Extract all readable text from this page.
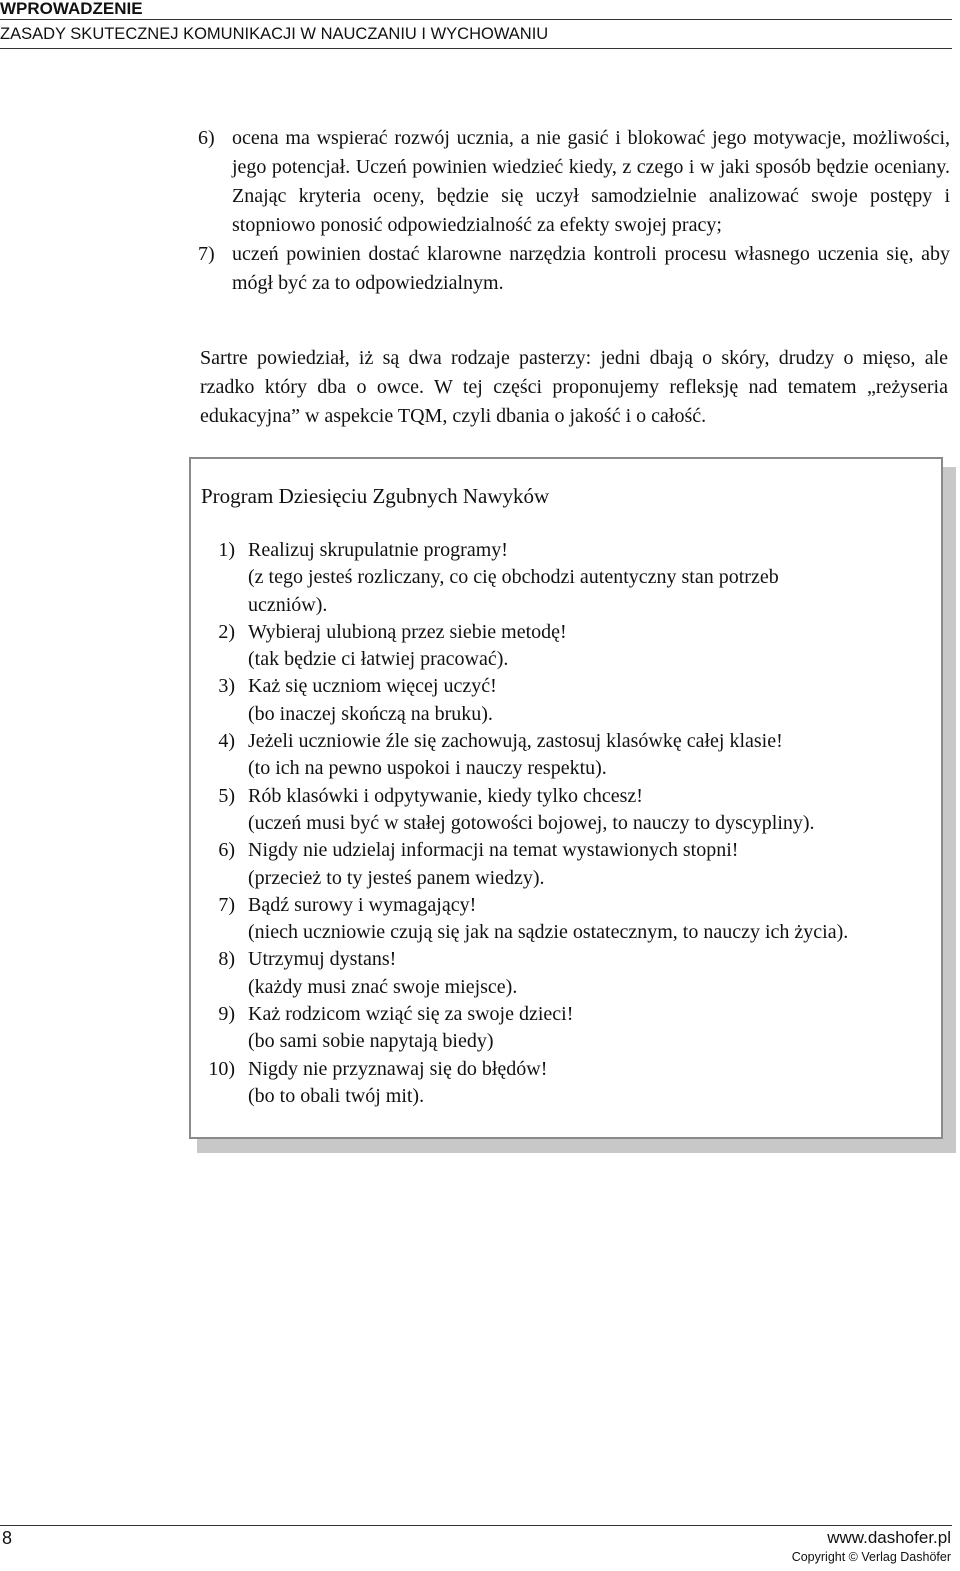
WPROWADZENIE
ZASADY SKUTECZNEJ KOMUNIKACJI W NAUCZANIU I WYCHOWANIU
6) ocena ma wspierać rozwój ucznia, a nie gasić i blokować jego motywacje, możliwości, jego potencjał. Uczeń powinien wiedzieć kiedy, z czego i w jaki sposób będzie oceniany. Znając kryteria oceny, będzie się uczył samodzielnie analizować swoje postępy i stopniowo ponosić odpowiedzialność za efekty swojej pracy;
7) uczeń powinien dostać klarowne narzędzia kontroli procesu własnego uczenia się, aby mógł być za to odpowiedzialnym.

Sartre powiedział, iż są dwa rodzaje pasterzy: jedni dbają o skóry, drudzy o mięso, ale rzadko który dba o owce. W tej części proponujemy refleksję nad tematem „reżyseria edukacyjna” w aspekcie TQM, czyli dbania o jakość i o całość.

Program Dziesięciu Zgubnych Nawyków
1) Realizuj skrupulatnie programy!
(z tego jesteś rozliczany, co cię obchodzi autentyczny stan potrzeb
uczniów).
2) Wybieraj ulubioną przez siebie metodę!
(tak będzie ci łatwiej pracować).
3) Każ się uczniom więcej uczyć!
(bo inaczej skończą na bruku).
4) Jeżeli uczniowie źle się zachowują, zastosuj klasówkę całej klasie!
(to ich na pewno uspokoi i nauczy respektu).
5) Rób klasówki i odpytywanie, kiedy tylko chcesz!
(uczeń musi być w stałej gotowości bojowej, to nauczy to dyscypliny).
6) Nigdy nie udzielaj informacji na temat wystawionych stopni!
(przecież to ty jesteś panem wiedzy).
7) Bądź surowy i wymagający!
(niech uczniowie czują się jak na sądzie ostatecznym, to nauczy ich życia).
8) Utrzymuj dystans!
(każdy musi znać swoje miejsce).
9) Każ rodzicom wziąć się za swoje dzieci!
(bo sami sobie napytają biedy)
10) Nigdy nie przyznawaj się do błędów!
(bo to obali twój mit).
8	www.dashofer.pl
Copyright © Verlag Dashöfer
